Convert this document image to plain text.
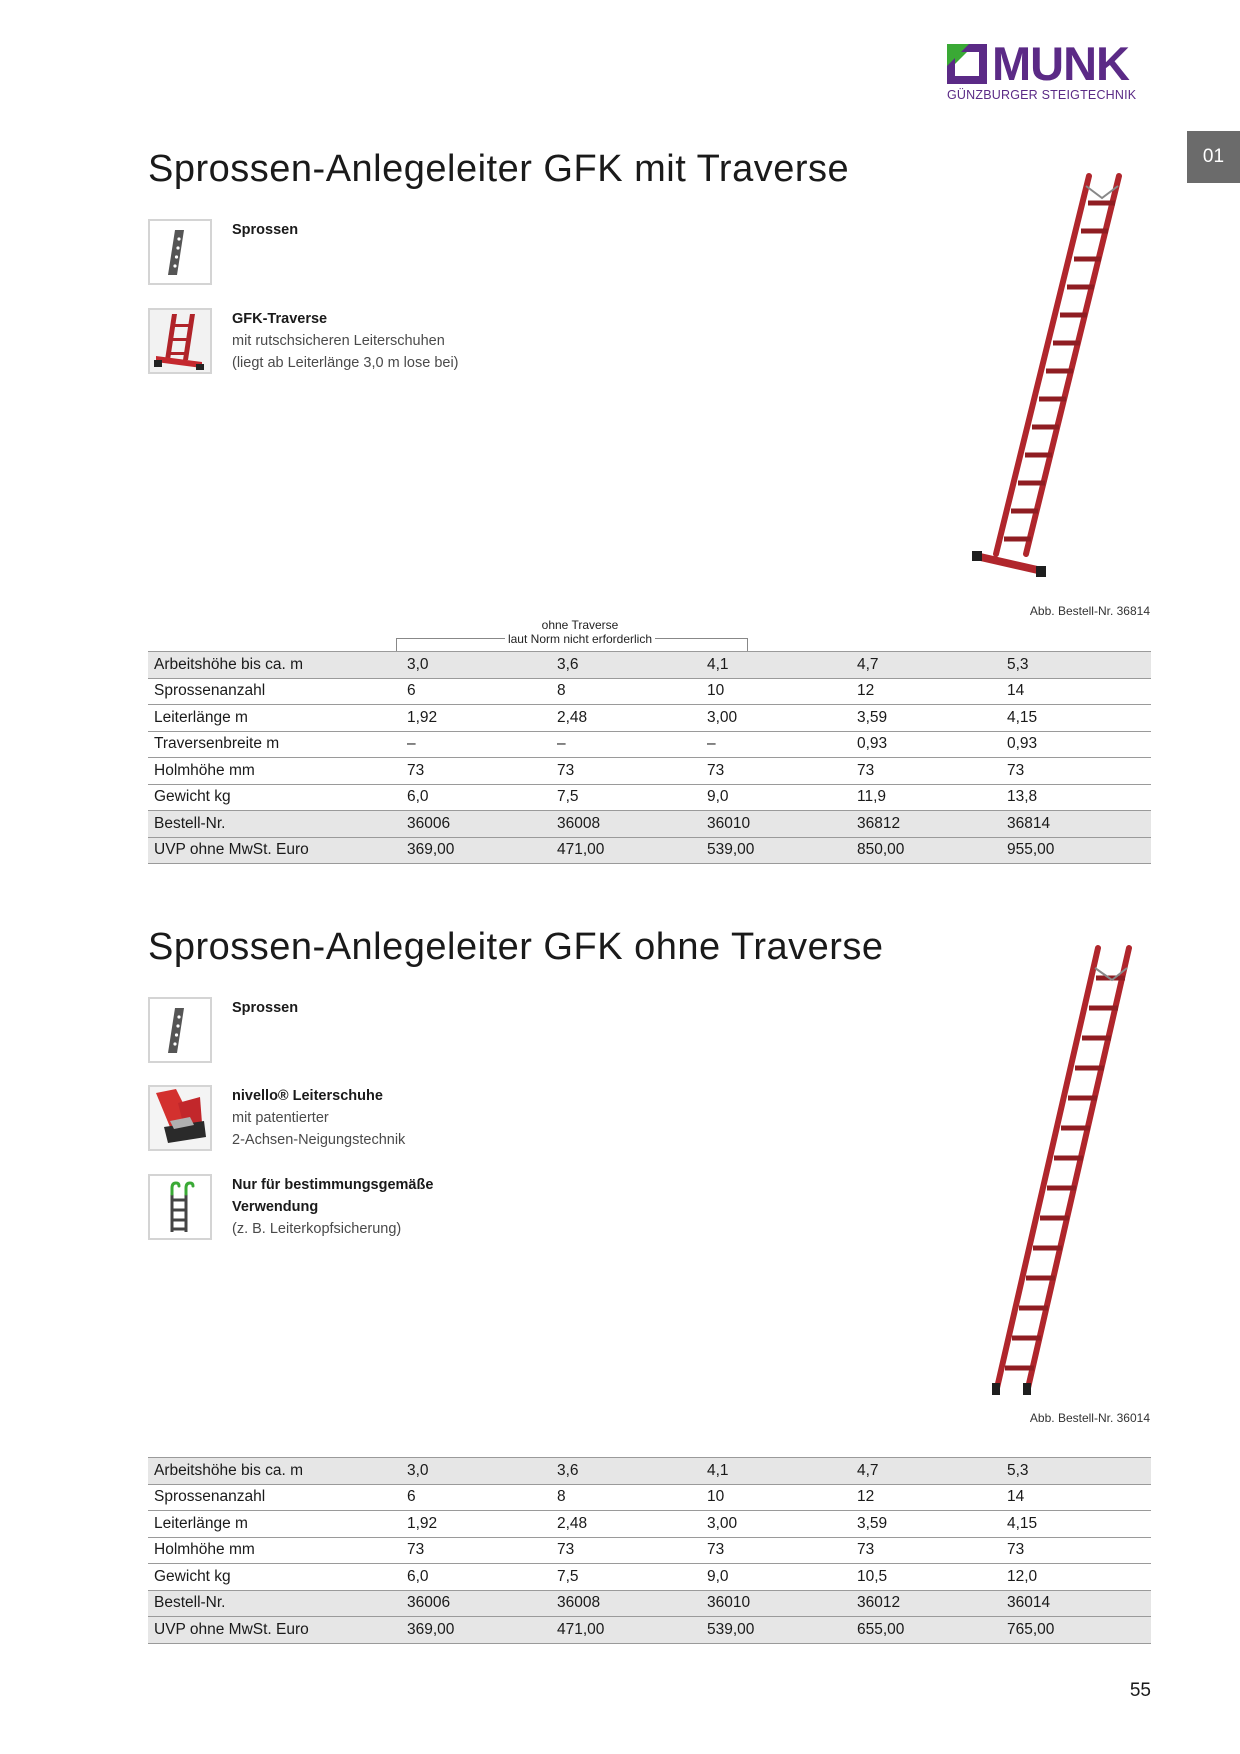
MUNK
GÜNZBURGER STEIGTECHNIK
01
Sprossen-Anlegeleiter GFK mit Traverse
Sprossen
GFK-Traverse
mit rutschsicheren Leiterschuhen
(liegt ab Leiterlänge 3,0 m lose bei)
Abb. Bestell-Nr. 36814
ohne Traverse
laut Norm nicht erforderlich
Arbeitshöhe bis ca. m	3,0	3,6	4,1	4,7	5,3
Sprossenanzahl	6	8	10	12	14
Leiterlänge m	1,92	2,48	3,00	3,59	4,15
Traversenbreite m	–	–	–	0,93	0,93
Holmhöhe mm	73	73	73	73	73
Gewicht kg	6,0	7,5	9,0	11,9	13,8
Bestell-Nr.	36006	36008	36010	36812	36814
UVP ohne MwSt. Euro	369,00	471,00	539,00	850,00	955,00
Sprossen-Anlegeleiter GFK ohne Traverse
Sprossen
nivello® Leiterschuhe
mit patentierter
2-Achsen-Neigungstechnik
Nur für bestimmungsgemäße
Verwendung
(z. B. Leiterkopfsicherung)
Abb. Bestell-Nr. 36014
Arbeitshöhe bis ca. m	3,0	3,6	4,1	4,7	5,3
Sprossenanzahl	6	8	10	12	14
Leiterlänge m	1,92	2,48	3,00	3,59	4,15
Holmhöhe mm	73	73	73	73	73
Gewicht kg	6,0	7,5	9,0	10,5	12,0
Bestell-Nr.	36006	36008	36010	36012	36014
UVP ohne MwSt. Euro	369,00	471,00	539,00	655,00	765,00
55
